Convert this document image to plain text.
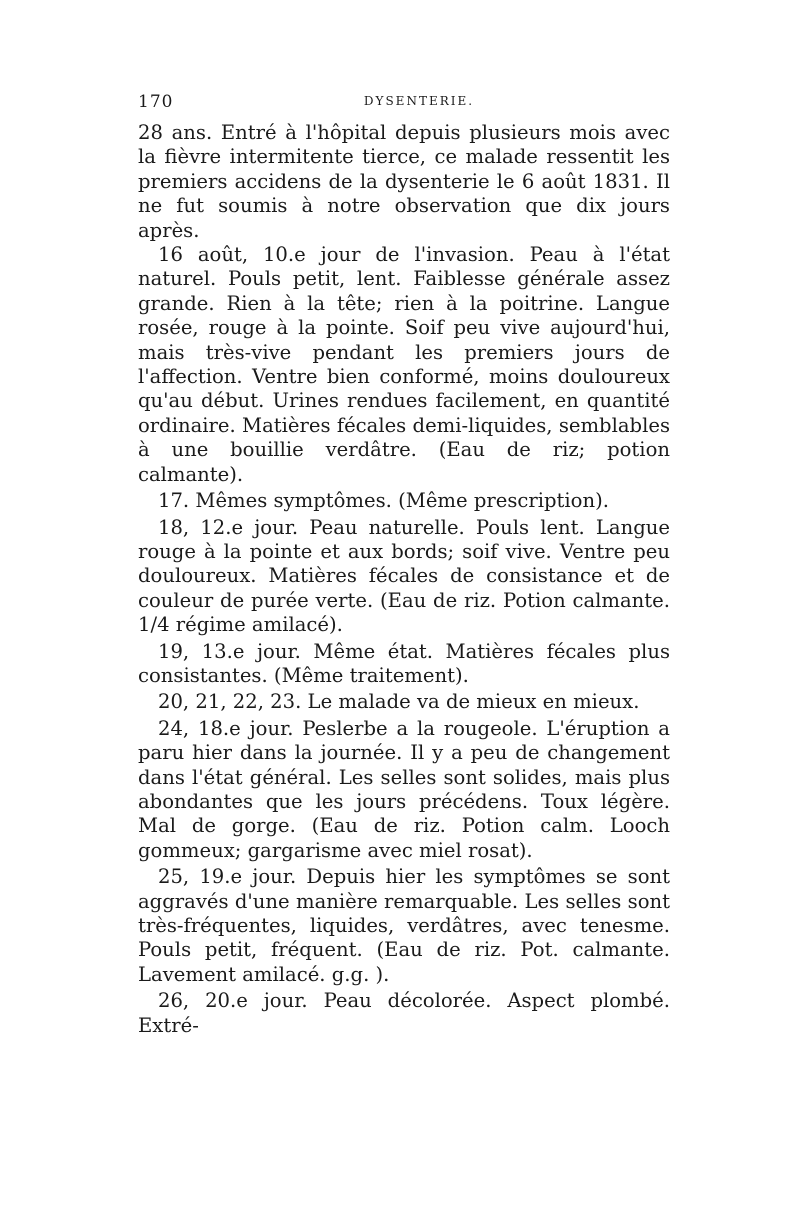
170	DYSENTERIE.

28 ans. Entré à l'hôpital depuis plusieurs mois avec la fièvre intermitente tierce, ce malade ressentit les premiers accidens de la dysenterie le 6 août 1831. Il ne fut soumis à notre observation que dix jours après.

16 août, 10.e jour de l'invasion. Peau à l'état naturel. Pouls petit, lent. Faiblesse générale assez grande. Rien à la tête; rien à la poitrine. Langue rosée, rouge à la pointe. Soif peu vive aujourd'hui, mais très-vive pendant les premiers jours de l'affection. Ventre bien conformé, moins douloureux qu'au début. Urines rendues facilement, en quantité ordinaire. Matières fécales demi-liquides, semblables à une bouillie verdâtre. (Eau de riz; potion calmante).

17. Mêmes symptômes. (Même prescription).

18, 12.e jour. Peau naturelle. Pouls lent. Langue rouge à la pointe et aux bords; soif vive. Ventre peu douloureux. Matières fécales de consistance et de couleur de purée verte. (Eau de riz. Potion calmante. 1/4 régime amilacé).

19, 13.e jour. Même état. Matières fécales plus consistantes. (Même traitement).

20, 21, 22, 23. Le malade va de mieux en mieux.

24, 18.e jour. Peslerbe a la rougeole. L'éruption a paru hier dans la journée. Il y a peu de changement dans l'état général. Les selles sont solides, mais plus abondantes que les jours précédens. Toux légère. Mal de gorge. (Eau de riz. Potion calm. Looch gommeux; gargarisme avec miel rosat).

25, 19.e jour. Depuis hier les symptômes se sont aggravés d'une manière remarquable. Les selles sont très-fréquentes, liquides, verdâtres, avec tenesme. Pouls petit, fréquent. (Eau de riz. Pot. calmante. Lavement amilacé. g.g. ).

26, 20.e jour. Peau décolorée. Aspect plombé. Extré-
